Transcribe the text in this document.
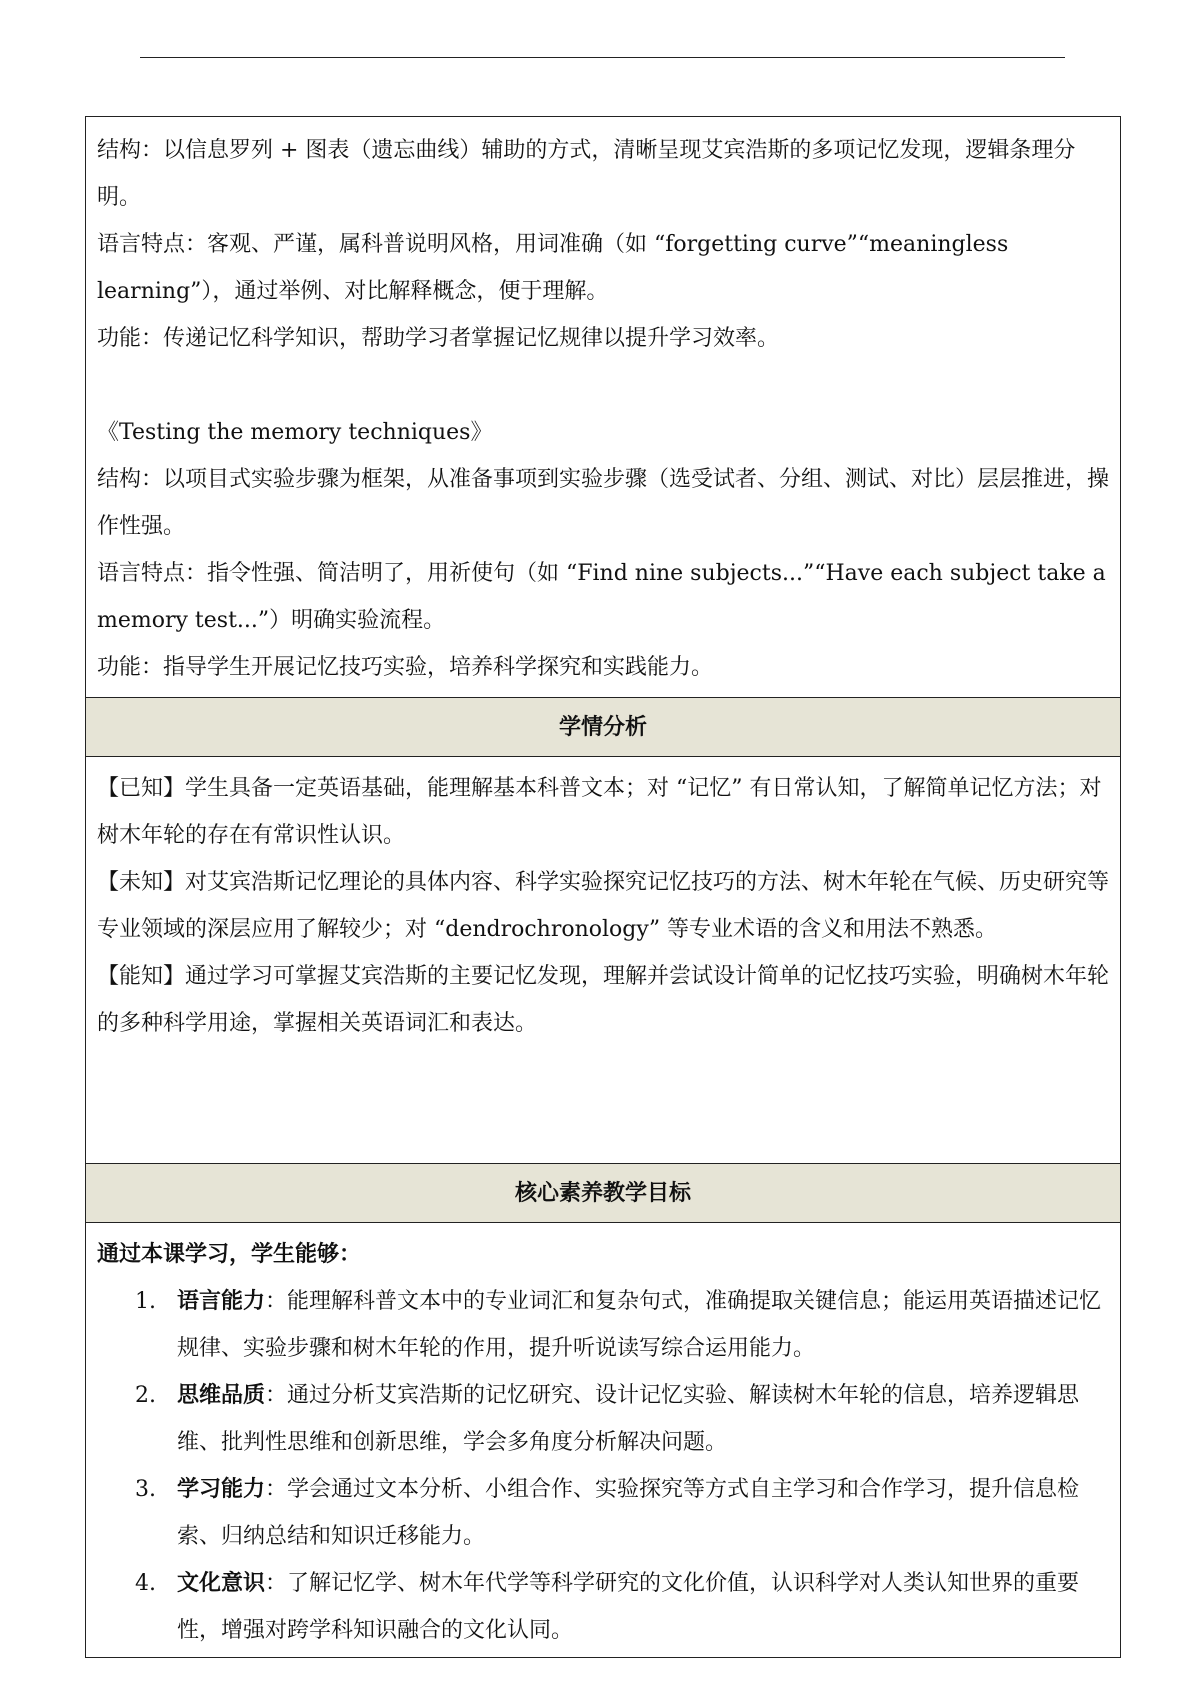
结构：以信息罗列 + 图表（遗忘曲线）辅助的方式，清晰呈现艾宾浩斯的多项记忆发现，逻辑条理分明。

语言特点：客观、严谨，属科普说明风格，用词准确（如 “forgetting curve”“meaningless learning”），通过举例、对比解释概念，便于理解。

功能：传递记忆科学知识，帮助学习者掌握记忆规律以提升学习效率。

《Testing the memory techniques》

结构：以项目式实验步骤为框架，从准备事项到实验步骤（选受试者、分组、测试、对比）层层推进，操作性强。

语言特点：指令性强、简洁明了，用祈使句（如 “Find nine subjects...”“Have each subject take a memory test...”）明确实验流程。

功能：指导学生开展记忆技巧实验，培养科学探究和实践能力。

学情分析

【已知】学生具备一定英语基础，能理解基本科普文本；对 “记忆” 有日常认知，了解简单记忆方法；对树木年轮的存在有常识性认识。

【未知】对艾宾浩斯记忆理论的具体内容、科学实验探究记忆技巧的方法、树木年轮在气候、历史研究等专业领域的深层应用了解较少；对 “dendrochronology” 等专业术语的含义和用法不熟悉。

【能知】通过学习可掌握艾宾浩斯的主要记忆发现，理解并尝试设计简单的记忆技巧实验，明确树木年轮的多种科学用途，掌握相关英语词汇和表达。

核心素养教学目标

通过本课学习，学生能够：

1. 语言能力：能理解科普文本中的专业词汇和复杂句式，准确提取关键信息；能运用英语描述记忆规律、实验步骤和树木年轮的作用，提升听说读写综合运用能力。
2. 思维品质：通过分析艾宾浩斯的记忆研究、设计记忆实验、解读树木年轮的信息，培养逻辑思维、批判性思维和创新思维，学会多角度分析解决问题。
3. 学习能力：学会通过文本分析、小组合作、实验探究等方式自主学习和合作学习，提升信息检索、归纳总结和知识迁移能力。
4. 文化意识：了解记忆学、树木年代学等科学研究的文化价值，认识科学对人类认知世界的重要性，增强对跨学科知识融合的文化认同。
